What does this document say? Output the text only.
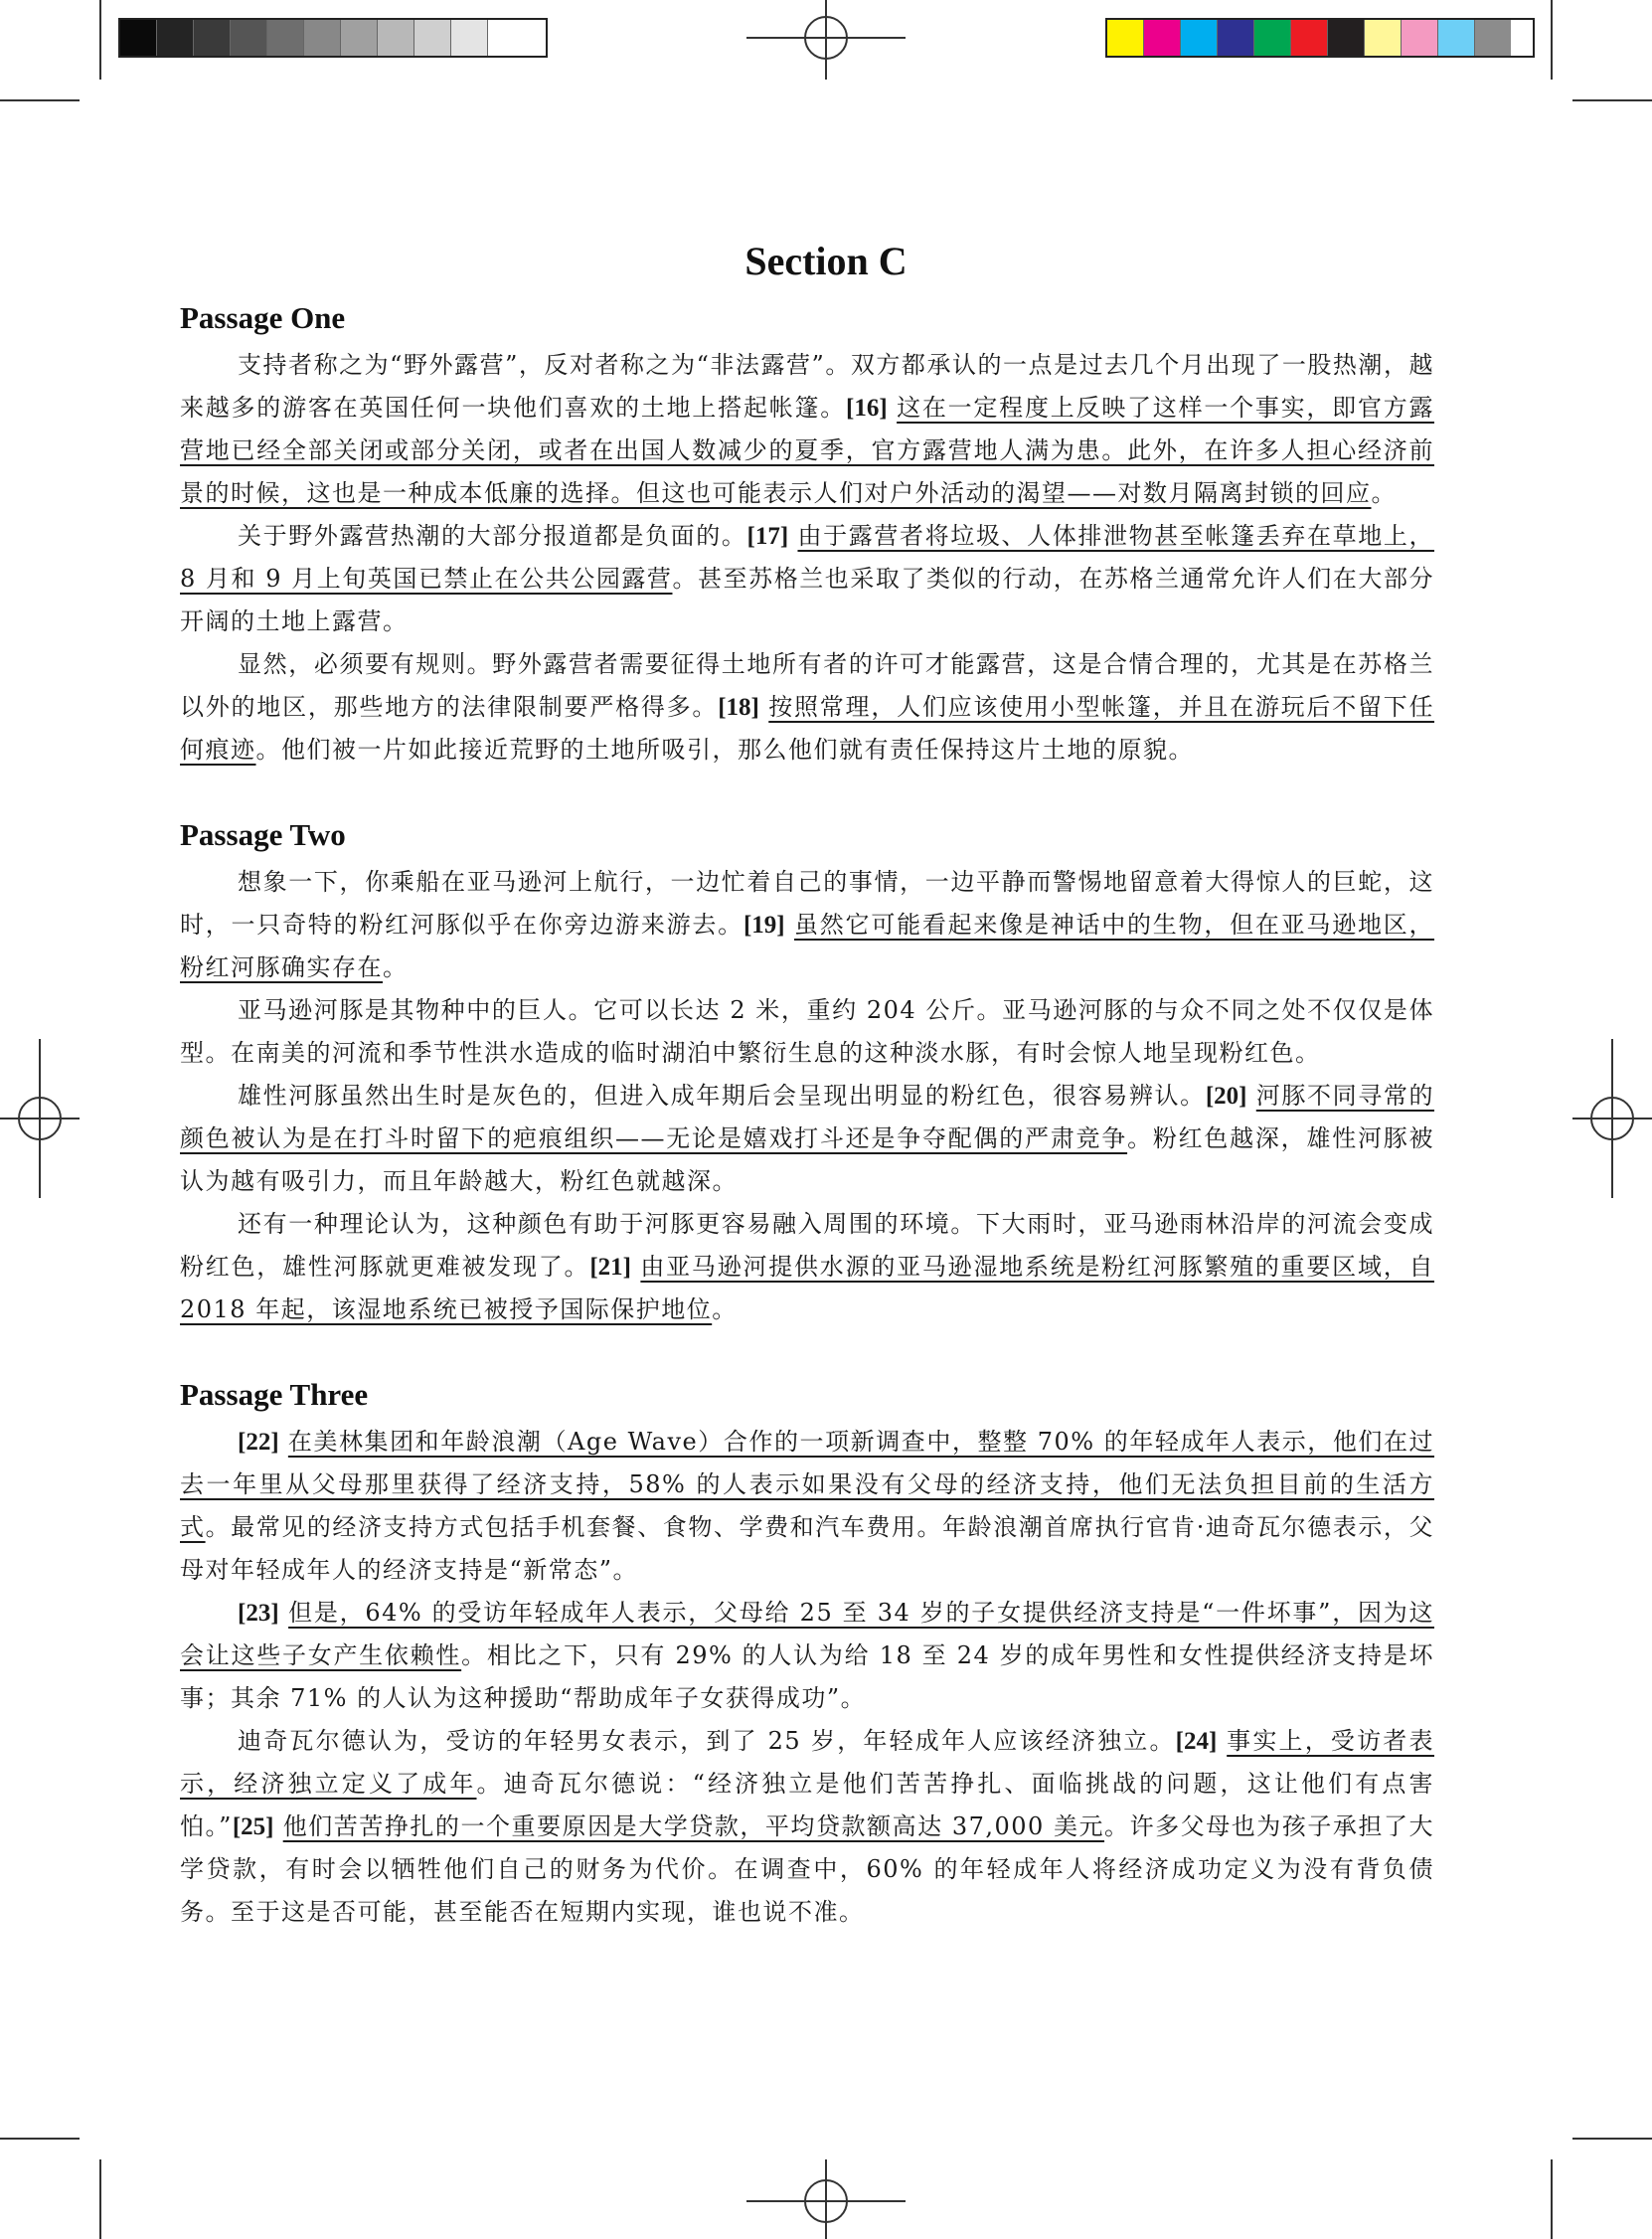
Section C
Passage One

支持者称之为“野外露营”，反对者称之为“非法露营”。双方都承认的一点是过去几个月出现了一股热潮，越来越多的游客在英国任何一块他们喜欢的土地上搭起帐篷。[16] 这在一定程度上反映了这样一个事实，即官方露营地已经全部关闭或部分关闭，或者在出国人数减少的夏季，官方露营地人满为患。此外，在许多人担心经济前景的时候，这也是一种成本低廉的选择。但这也可能表示人们对户外活动的渴望——对数月隔离封锁的回应。

关于野外露营热潮的大部分报道都是负面的。[17] 由于露营者将垃圾、人体排泄物甚至帐篷丢弃在草地上，8 月和 9 月上旬英国已禁止在公共公园露营。甚至苏格兰也采取了类似的行动，在苏格兰通常允许人们在大部分开阔的土地上露营。

显然，必须要有规则。野外露营者需要征得土地所有者的许可才能露营，这是合情合理的，尤其是在苏格兰以外的地区，那些地方的法律限制要严格得多。[18] 按照常理，人们应该使用小型帐篷，并且在游玩后不留下任何痕迹。他们被一片如此接近荒野的土地所吸引，那么他们就有责任保持这片土地的原貌。

Passage Two

想象一下，你乘船在亚马逊河上航行，一边忙着自己的事情，一边平静而警惕地留意着大得惊人的巨蛇，这时，一只奇特的粉红河豚似乎在你旁边游来游去。[19] 虽然它可能看起来像是神话中的生物，但在亚马逊地区，粉红河豚确实存在。

亚马逊河豚是其物种中的巨人。它可以长达 2 米，重约 204 公斤。亚马逊河豚的与众不同之处不仅仅是体型。在南美的河流和季节性洪水造成的临时湖泊中繁衍生息的这种淡水豚，有时会惊人地呈现粉红色。

雄性河豚虽然出生时是灰色的，但进入成年期后会呈现出明显的粉红色，很容易辨认。[20] 河豚不同寻常的颜色被认为是在打斗时留下的疤痕组织——无论是嬉戏打斗还是争夺配偶的严肃竞争。粉红色越深，雄性河豚被认为越有吸引力，而且年龄越大，粉红色就越深。

还有一种理论认为，这种颜色有助于河豚更容易融入周围的环境。下大雨时，亚马逊雨林沿岸的河流会变成粉红色，雄性河豚就更难被发现了。[21] 由亚马逊河提供水源的亚马逊湿地系统是粉红河豚繁殖的重要区域，自 2018 年起，该湿地系统已被授予国际保护地位。

Passage Three

[22] 在美林集团和年龄浪潮（Age Wave）合作的一项新调查中，整整 70% 的年轻成年人表示，他们在过去一年里从父母那里获得了经济支持，58% 的人表示如果没有父母的经济支持，他们无法负担目前的生活方式。最常见的经济支持方式包括手机套餐、食物、学费和汽车费用。年龄浪潮首席执行官肯·迪奇瓦尔德表示，父母对年轻成年人的经济支持是“新常态”。

[23] 但是，64% 的受访年轻成年人表示，父母给 25 至 34 岁的子女提供经济支持是“一件坏事”，因为这会让这些子女产生依赖性。相比之下，只有 29% 的人认为给 18 至 24 岁的成年男性和女性提供经济支持是坏事；其余 71% 的人认为这种援助“帮助成年子女获得成功”。

迪奇瓦尔德认为，受访的年轻男女表示，到了 25 岁，年轻成年人应该经济独立。[24] 事实上，受访者表示，经济独立定义了成年。迪奇瓦尔德说：“经济独立是他们苦苦挣扎、面临挑战的问题，这让他们有点害怕。”[25] 他们苦苦挣扎的一个重要原因是大学贷款，平均贷款额高达 37,000 美元。许多父母也为孩子承担了大学贷款，有时会以牺牲他们自己的财务为代价。在调查中，60% 的年轻成年人将经济成功定义为没有背负债务。至于这是否可能，甚至能否在短期内实现，谁也说不准。
